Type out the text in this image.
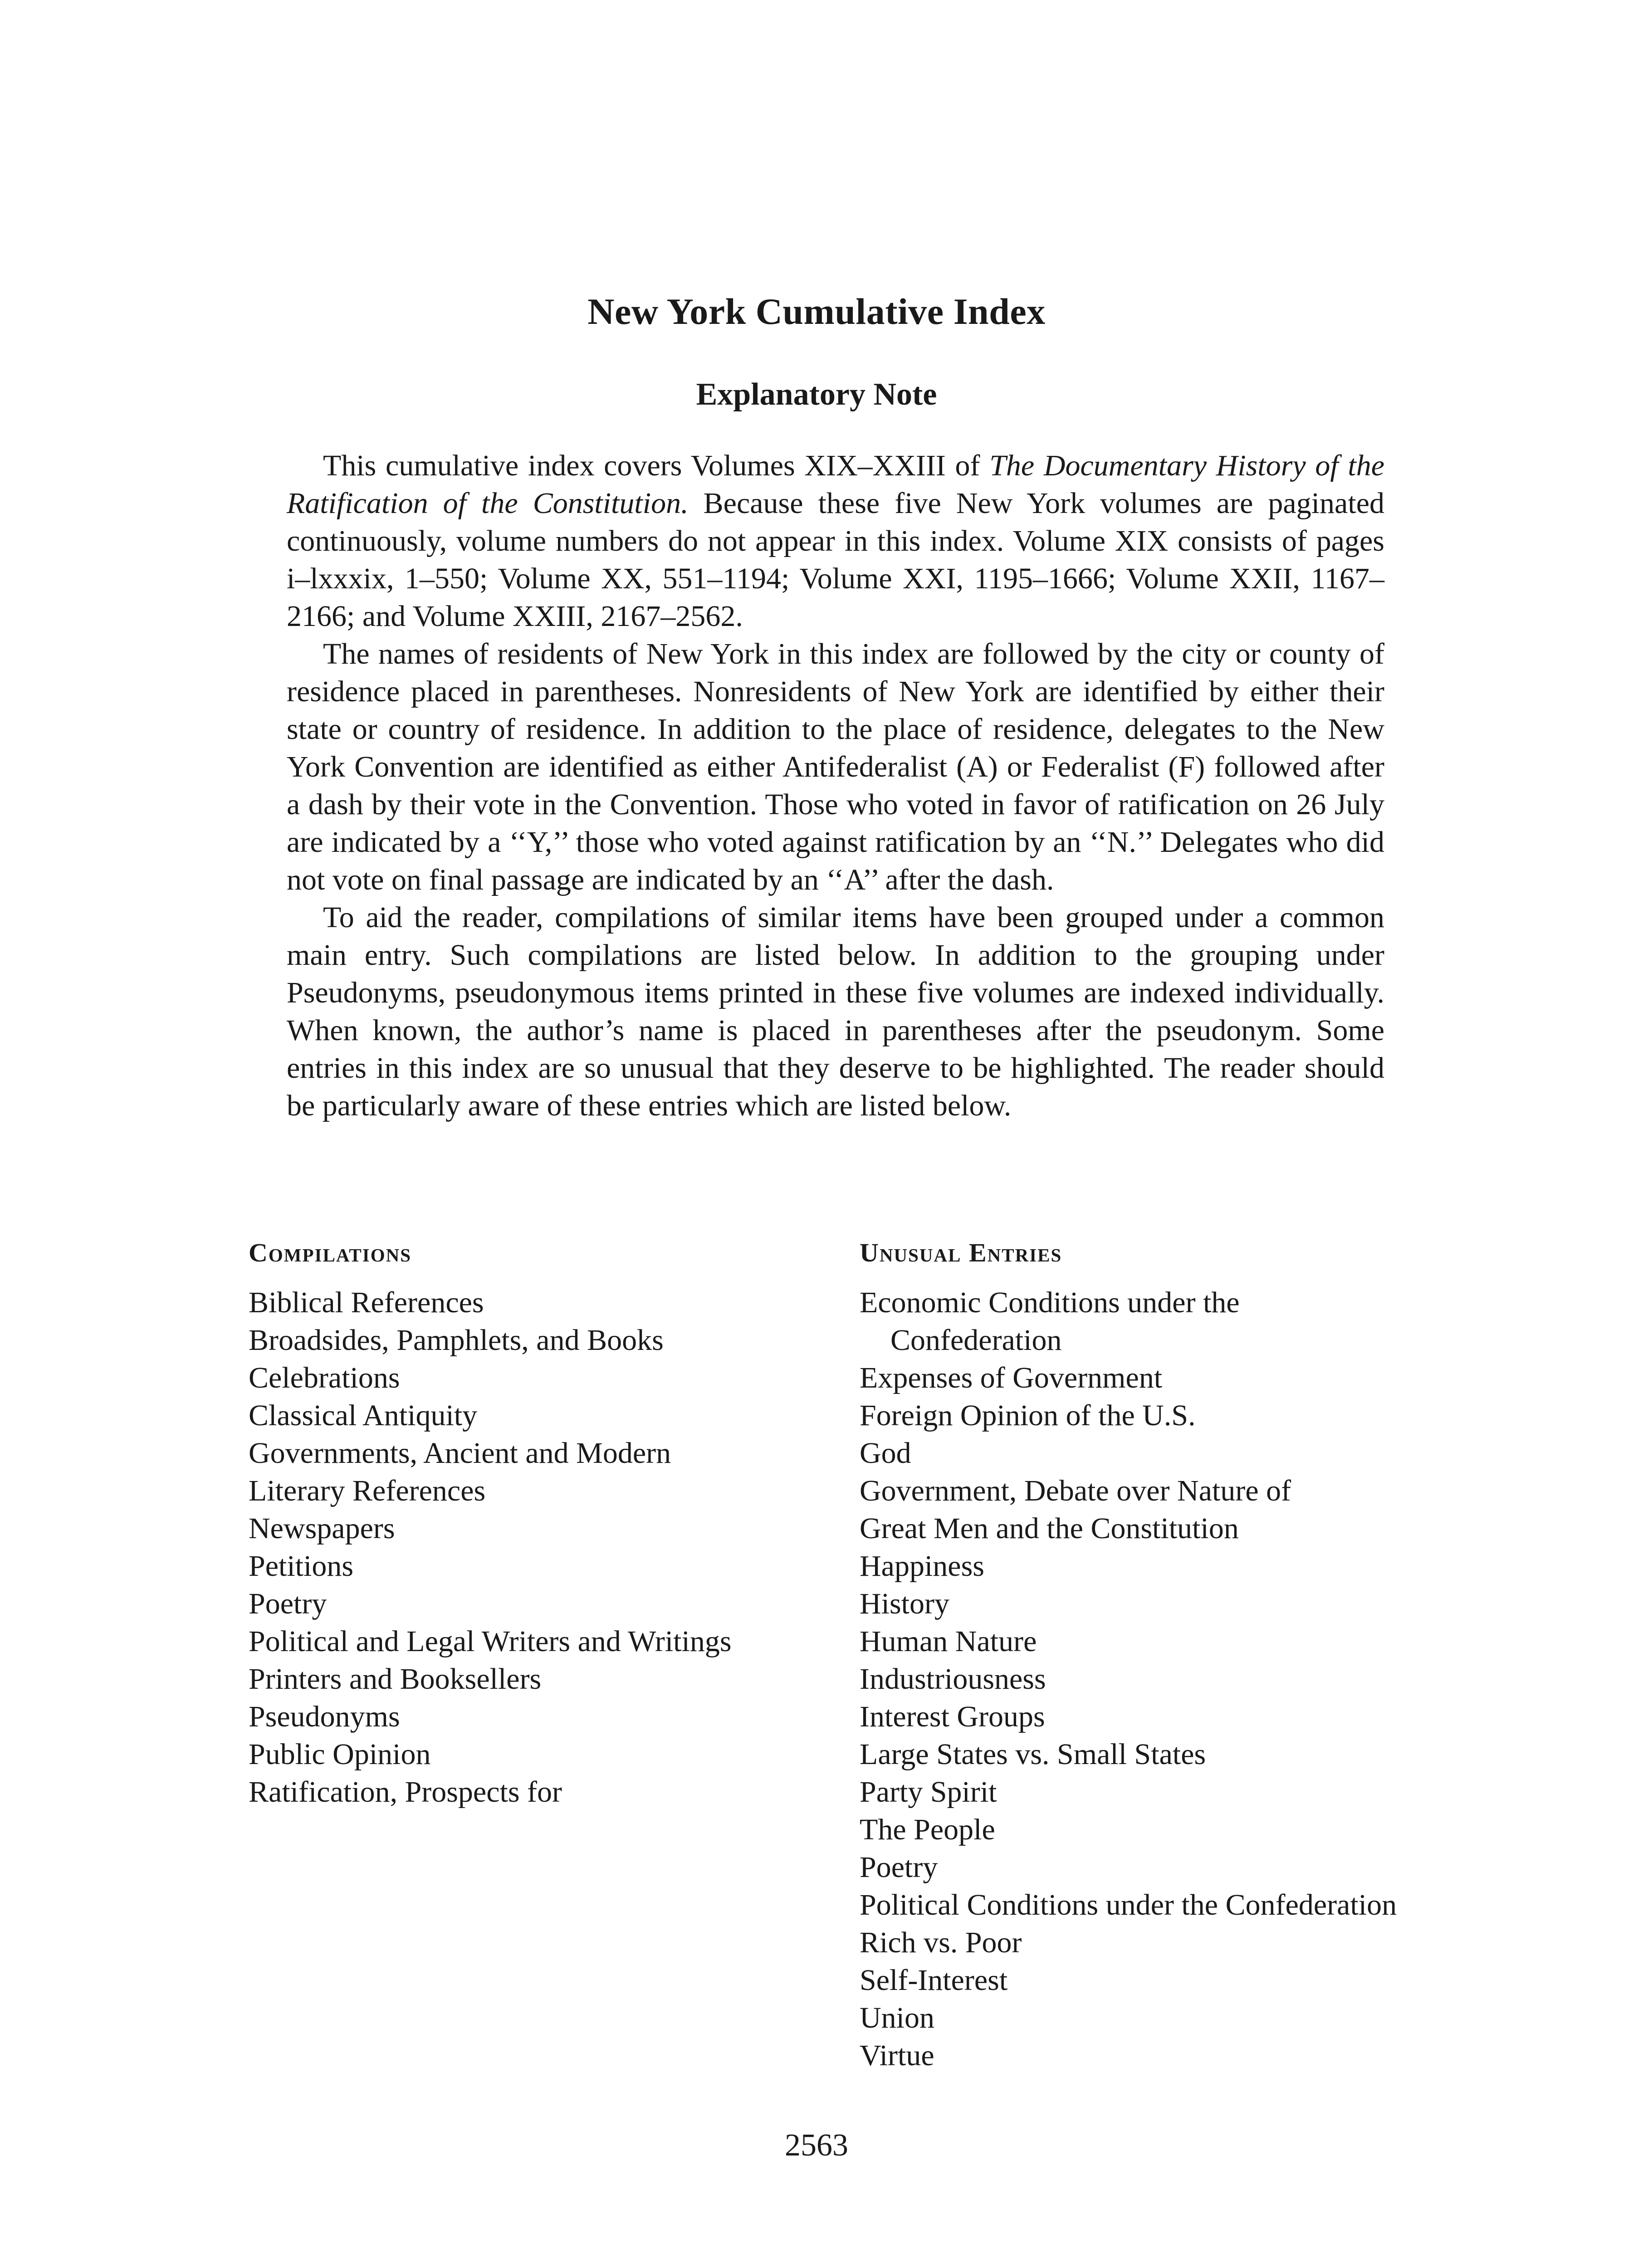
New York Cumulative Index
Explanatory Note

This cumulative index covers Volumes XIX–XXIII of The Documentary History of the Ratification of the Constitution. Because these five New York volumes are paginated continuously, volume numbers do not appear in this index. Volume XIX consists of pages i–lxxxix, 1–550; Volume XX, 551–1194; Volume XXI, 1195–1666; Volume XXII, 1167–2166; and Volume XXIII, 2167–2562.

The names of residents of New York in this index are followed by the city or county of residence placed in parentheses. Nonresidents of New York are identified by either their state or country of residence. In addition to the place of residence, delegates to the New York Convention are identified as either Antifederalist (A) or Federalist (F) followed after a dash by their vote in the Convention. Those who voted in favor of ratification on 26 July are indicated by a ‘‘Y,’’ those who voted against ratification by an ‘‘N.’’ Delegates who did not vote on final passage are indicated by an ‘‘A’’ after the dash.

To aid the reader, compilations of similar items have been grouped under a common main entry. Such compilations are listed below. In addition to the grouping under Pseudonyms, pseudonymous items printed in these five volumes are indexed individually. When known, the author’s name is placed in parentheses after the pseudonym. Some entries in this index are so unusual that they deserve to be highlighted. The reader should be particularly aware of these entries which are listed below.

Compilations
Biblical References
Broadsides, Pamphlets, and Books
Celebrations
Classical Antiquity
Governments, Ancient and Modern
Literary References
Newspapers
Petitions
Poetry
Political and Legal Writers and Writings
Printers and Booksellers
Pseudonyms
Public Opinion
Ratification, Prospects for
Unusual Entries
Economic Conditions under the Confederation
Expenses of Government
Foreign Opinion of the U.S.
God
Government, Debate over Nature of
Great Men and the Constitution
Happiness
History
Human Nature
Industriousness
Interest Groups
Large States vs. Small States
Party Spirit
The People
Poetry
Political Conditions under the Confederation
Rich vs. Poor
Self-Interest
Union
Virtue
2563
